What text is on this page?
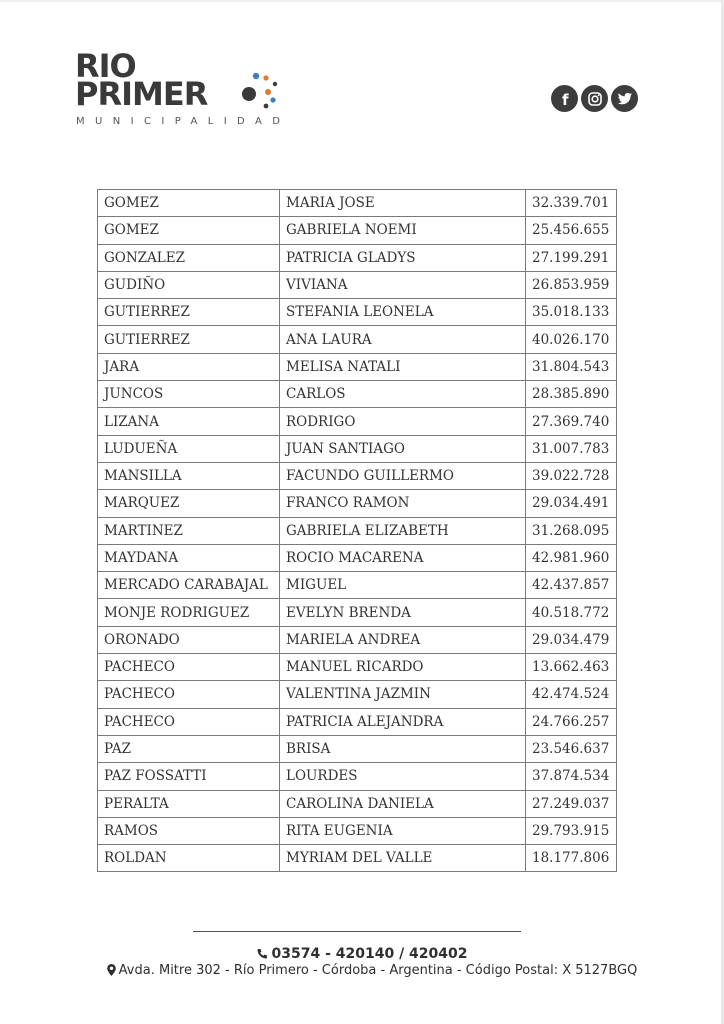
RIO
PRIMER
MUNICIPALIDAD
f
GOMEZ	MARIA JOSE	32.339.701
GOMEZ	GABRIELA NOEMI	25.456.655
GONZALEZ	PATRICIA GLADYS	27.199.291
GUDIÑO	VIVIANA	26.853.959
GUTIERREZ	STEFANIA LEONELA	35.018.133
GUTIERREZ	ANA LAURA	40.026.170
JARA	MELISA NATALI	31.804.543
JUNCOS	CARLOS	28.385.890
LIZANA	RODRIGO	27.369.740
LUDUEÑA	JUAN SANTIAGO	31.007.783
MANSILLA	FACUNDO GUILLERMO	39.022.728
MARQUEZ	FRANCO RAMON	29.034.491
MARTINEZ	GABRIELA ELIZABETH	31.268.095
MAYDANA	ROCIO MACARENA	42.981.960
MERCADO CARABAJAL	MIGUEL	42.437.857
MONJE RODRIGUEZ	EVELYN BRENDA	40.518.772
ORONADO	MARIELA ANDREA	29.034.479
PACHECO	MANUEL RICARDO	13.662.463
PACHECO	VALENTINA JAZMIN	42.474.524
PACHECO	PATRICIA ALEJANDRA	24.766.257
PAZ	BRISA	23.546.637
PAZ FOSSATTI	LOURDES	37.874.534
PERALTA	CAROLINA DANIELA	27.249.037
RAMOS	RITA EUGENIA	29.793.915
ROLDAN	MYRIAM DEL VALLE	18.177.806
03574 - 420140 / 420402
Avda. Mitre 302 - Río Primero - Córdoba - Argentina - Código Postal: X 5127BGQ
